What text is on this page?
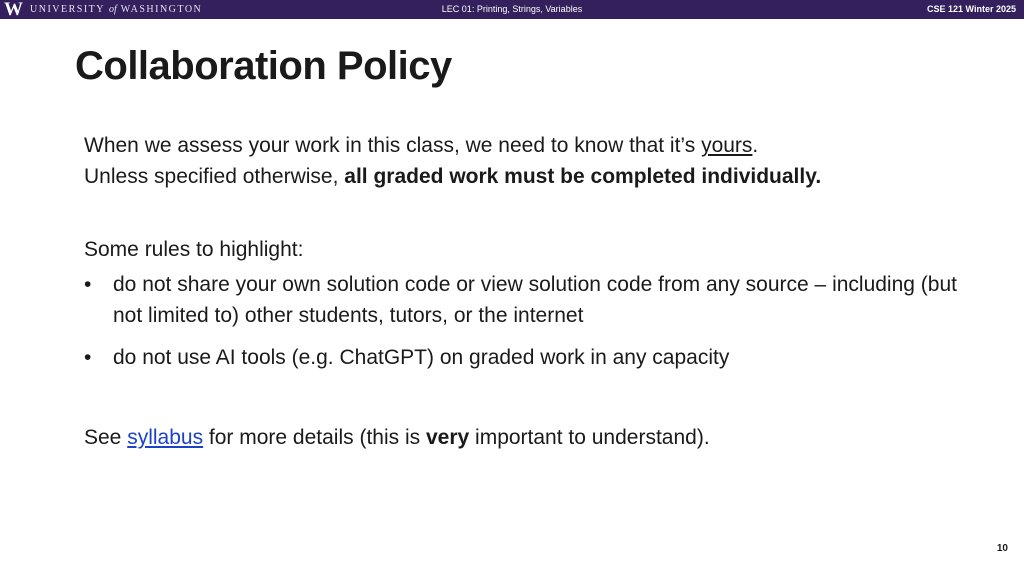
W UNIVERSITY of WASHINGTON	LEC 01: Printing, Strings, Variables	CSE 121 Winter 2025
Collaboration Policy

When we assess your work in this class, we need to know that it’s yours.

Unless specified otherwise, all graded work must be completed individually.

Some rules to highlight:

• do not share your own solution code or view solution code from any source – including (but not limited to) other students, tutors, or the internet
• do not use AI tools (e.g. ChatGPT) on graded work in any capacity

See syllabus for more details (this is very important to understand).

10
